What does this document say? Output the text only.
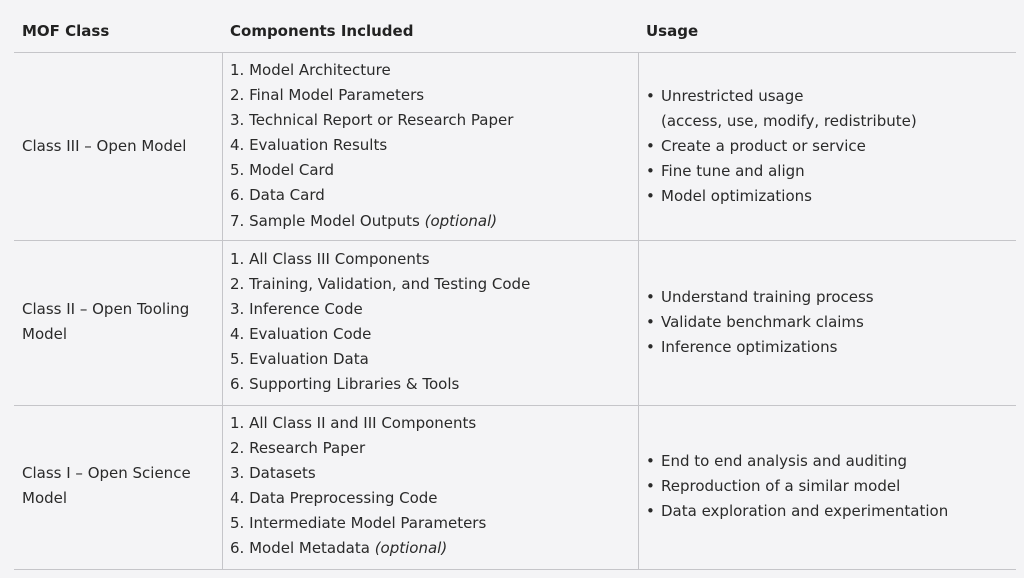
MOF Class	Components Included	Usage
Class III – Open Model
1. Model Architecture
2. Final Model Parameters
3. Technical Report or Research Paper
4. Evaluation Results
5. Model Card
6. Data Card
7. Sample Model Outputs (optional)
• Unrestricted usage
(access, use, modify, redistribute)
• Create a product or service
• Fine tune and align
• Model optimizations
Class II – Open Tooling
Model
1. All Class III Components
2. Training, Validation, and Testing Code
3. Inference Code
4. Evaluation Code
5. Evaluation Data
6. Supporting Libraries & Tools
• Understand training process
• Validate benchmark claims
• Inference optimizations
Class I – Open Science
Model
1. All Class II and III Components
2. Research Paper
3. Datasets
4. Data Preprocessing Code
5. Intermediate Model Parameters
6. Model Metadata (optional)
• End to end analysis and auditing
• Reproduction of a similar model
• Data exploration and experimentation
